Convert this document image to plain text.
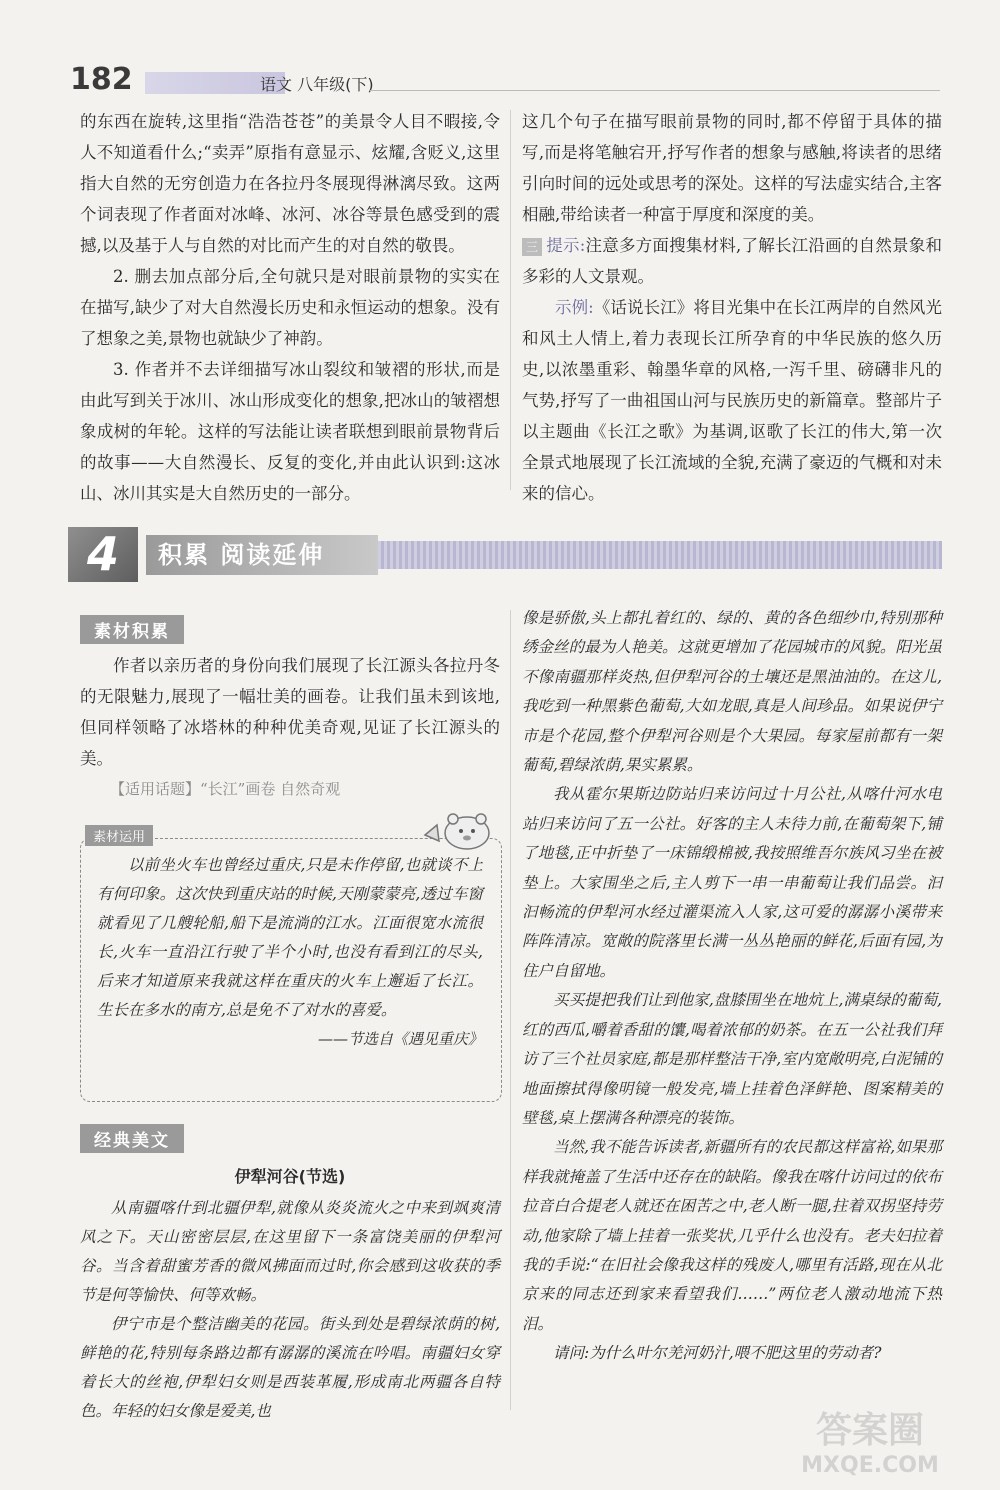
182	语文 八年级(下)

的东西在旋转,这里指“浩浩苍苍”的美景令人目不暇接,令人不知道看什么;“卖弄”原指有意显示、炫耀,含贬义,这里指大自然的无穷创造力在各拉丹冬展现得淋漓尽致。这两个词表现了作者面对冰峰、冰河、冰谷等景色感受到的震撼,以及基于人与自然的对比而产生的对自然的敬畏。

2. 删去加点部分后,全句就只是对眼前景物的实实在在描写,缺少了对大自然漫长历史和永恒运动的想象。没有了想象之美,景物也就缺少了神韵。

3. 作者并不去详细描写冰山裂纹和皱褶的形状,而是由此写到关于冰川、冰山形成变化的想象,把冰山的皱褶想象成树的年轮。这样的写法能让读者联想到眼前景物背后的故事——大自然漫长、反复的变化,并由此认识到:这冰山、冰川其实是大自然历史的一部分。

这几个句子在描写眼前景物的同时,都不停留于具体的描写,而是将笔触宕开,抒写作者的想象与感触,将读者的思绪引向时间的远处或思考的深处。这样的写法虚实结合,主客相融,带给读者一种富于厚度和深度的美。

三 提示:注意多方面搜集材料,了解长江沿画的自然景象和多彩的人文景观。

示例:《话说长江》将目光集中在长江两岸的自然风光和风土人情上,着力表现长江所孕育的中华民族的悠久历史,以浓墨重彩、翰墨华章的风格,一泻千里、磅礴非凡的气势,抒写了一曲祖国山河与民族历史的新篇章。整部片子以主题曲《长江之歌》为基调,讴歌了长江的伟大,第一次全景式地展现了长江流域的全貌,充满了豪迈的气概和对未来的信心。

4	积累 阅读延伸
素材积累

作者以亲历者的身份向我们展现了长江源头各拉丹冬的无限魅力,展现了一幅壮美的画卷。让我们虽未到该地,但同样领略了冰塔林的种种优美奇观,见证了长江源头的美。

【适用话题】“长江”画卷 自然奇观

素材运用

以前坐火车也曾经过重庆,只是未作停留,也就谈不上有何印象。这次快到重庆站的时候,天刚蒙蒙亮,透过车窗就看见了几艘轮船,船下是流淌的江水。江面很宽水流很长,火车一直沿江行驶了半个小时,也没有看到江的尽头,后来才知道原来我就这样在重庆的火车上邂逅了长江。生长在多水的南方,总是免不了对水的喜爱。

——节选自《遇见重庆》
经典美文
伊犁河谷(节选)

从南疆喀什到北疆伊犁,就像从炎炎流火之中来到飒爽清风之下。天山密密层层,在这里留下一条富饶美丽的伊犁河谷。当含着甜蜜芳香的微风拂面而过时,你会感到这收获的季节是何等愉快、何等欢畅。

伊宁市是个整洁幽美的花园。街头到处是碧绿浓荫的树,鲜艳的花,特别每条路边都有潺潺的溪流在吟唱。南疆妇女穿着长大的丝袍,伊犁妇女则是西装革履,形成南北两疆各自特色。年轻的妇女像是爱美,也

像是骄傲,头上都扎着红的、绿的、黄的各色细纱巾,特别那种绣金丝的最为人艳美。这就更增加了花园城市的风貌。阳光虽不像南疆那样炎热,但伊犁河谷的土壤还是黑油油的。在这儿,我吃到一种黑紫色葡萄,大如龙眼,真是人间珍品。如果说伊宁市是个花园,整个伊犁河谷则是个大果园。每家屋前都有一架葡萄,碧绿浓荫,果实累累。

我从霍尔果斯边防站归来访问过十月公社,从喀什河水电站归来访问了五一公社。好客的主人未待力前,在葡萄架下,铺了地毯,正中折垫了一床锦缎棉被,我按照维吾尔族风习坐在被垫上。大家围坐之后,主人剪下一串一串葡萄让我们品尝。汩汩畅流的伊犁河水经过灌渠流入人家,这可爱的潺潺小溪带来阵阵清凉。宽敞的院落里长满一丛丛艳丽的鲜花,后面有园,为住户自留地。

买买提把我们让到他家,盘膝围坐在地炕上,满桌绿的葡萄,红的西瓜,嚼着香甜的馕,喝着浓郁的奶茶。在五一公社我们拜访了三个社员家庭,都是那样整洁干净,室内宽敞明亮,白泥铺的地面擦拭得像明镜一般发亮,墙上挂着色泽鲜艳、图案精美的壁毯,桌上摆满各种漂亮的装饰。

当然,我不能告诉读者,新疆所有的农民都这样富裕,如果那样我就掩盖了生活中还存在的缺陷。像我在喀什访问过的依布拉音白合提老人就还在困苦之中,老人断一腿,拄着双拐坚持劳动,他家除了墙上挂着一张奖状,几乎什么也没有。老夫妇拉着我的手说:“在旧社会像我这样的残废人,哪里有活路,现在从北京来的同志还到家来看望我们……”两位老人激动地流下热泪。

请问:为什么叶尔羌河奶汁,喂不肥这里的劳动者?

答案圈
MXQE.COM
